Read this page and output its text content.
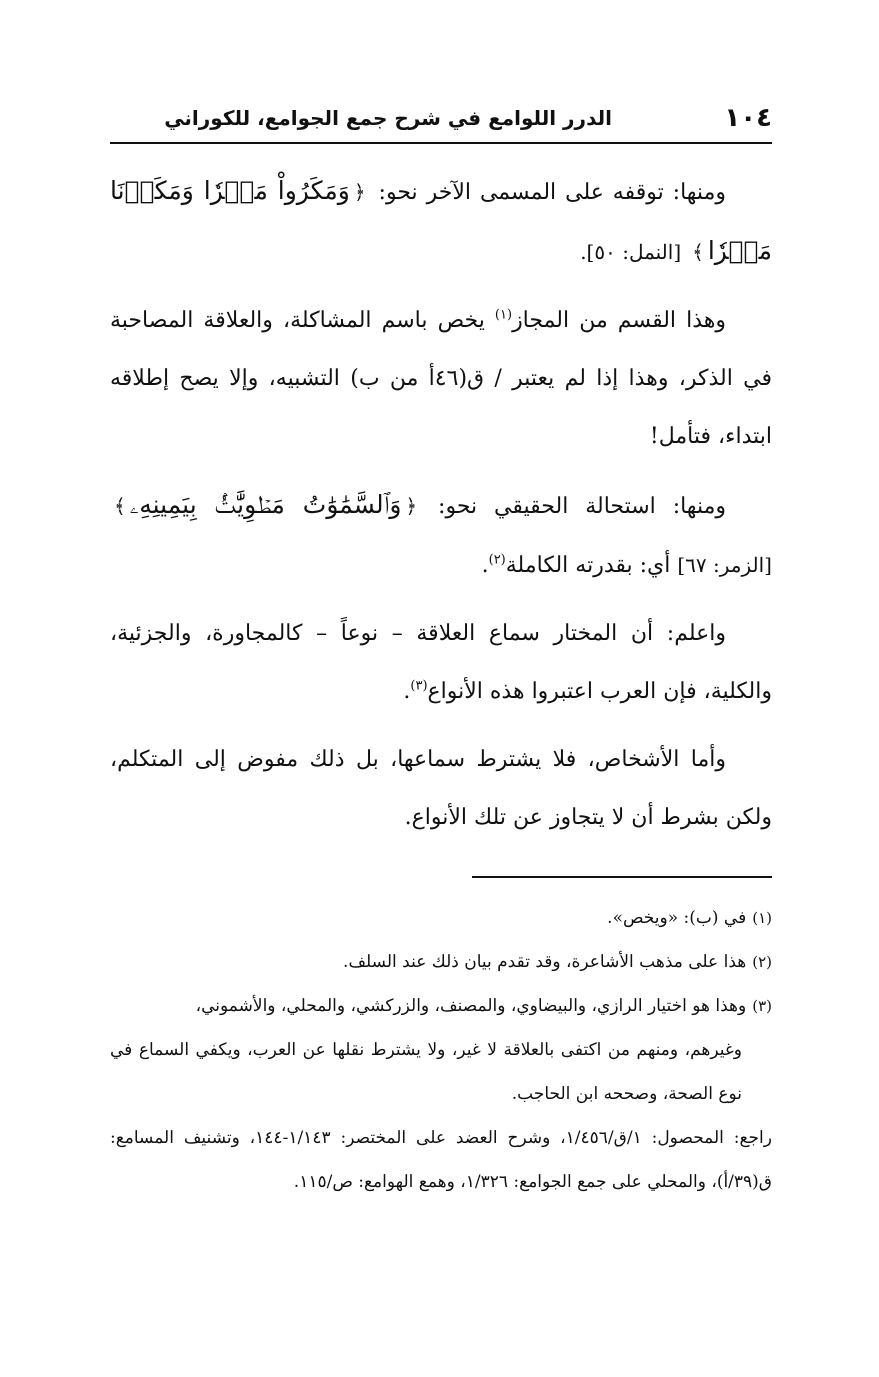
١٠٤
الدرر اللوامع في شرح جمع الجوامع، للكوراني

ومنها: توقفه على المسمى الآخر نحو: ﴿وَمَكَرُواْ مَكۡرٗا وَمَكَرۡنَا مَكۡرٗا﴾ [النمل: ٥٠].

وهذا القسم من المجاز$^{(١)}$ يخص باسم المشاكلة، والعلاقة المصاحبة في الذكر، وهذا إذا لم يعتبر / ق(٤٦أ من ب) التشبيه، وإلا يصح إطلاقه ابتداء، فتأمل!

ومنها: استحالة الحقيقي نحو: ﴿وَٱلسَّمَٰوَٰتُ مَطۡوِيَّٰتُۢ بِيَمِينِهِۦ﴾ [الزمر: ٦٧] أي: بقدرته الكاملة$^{(٢)}$.

واعلم: أن المختار سماع العلاقة – نوعاً – كالمجاورة، والجزئية، والكلية، فإن العرب اعتبروا هذه الأنواع$^{(٣)}$.

وأما الأشخاص، فلا يشترط سماعها، بل ذلك مفوض إلى المتكلم، ولكن بشرط أن لا يتجاوز عن تلك الأنواع.

(١)في (ب): «ويخص».

(٢)هذا على مذهب الأشاعرة، وقد تقدم بيان ذلك عند السلف.

(٣)وهذا هو اختيار الرازي، والبيضاوي، والمصنف، والزركشي، والمحلي، والأشموني،

وغيرهم، ومنهم من اكتفى بالعلاقة لا غير، ولا يشترط نقلها عن العرب، ويكفي السماع في نوع الصحة، وصححه ابن الحاجب.

راجع: المحصول: ١/ق/١/٤٥٦، وشرح العضد على المختصر: ١/١٤٣-١٤٤، وتشنيف المسامع: ق(٣٩/أ)، والمحلي على جمع الجوامع: ١/٣٢٦، وهمع الهوامع: ص/١١٥.
